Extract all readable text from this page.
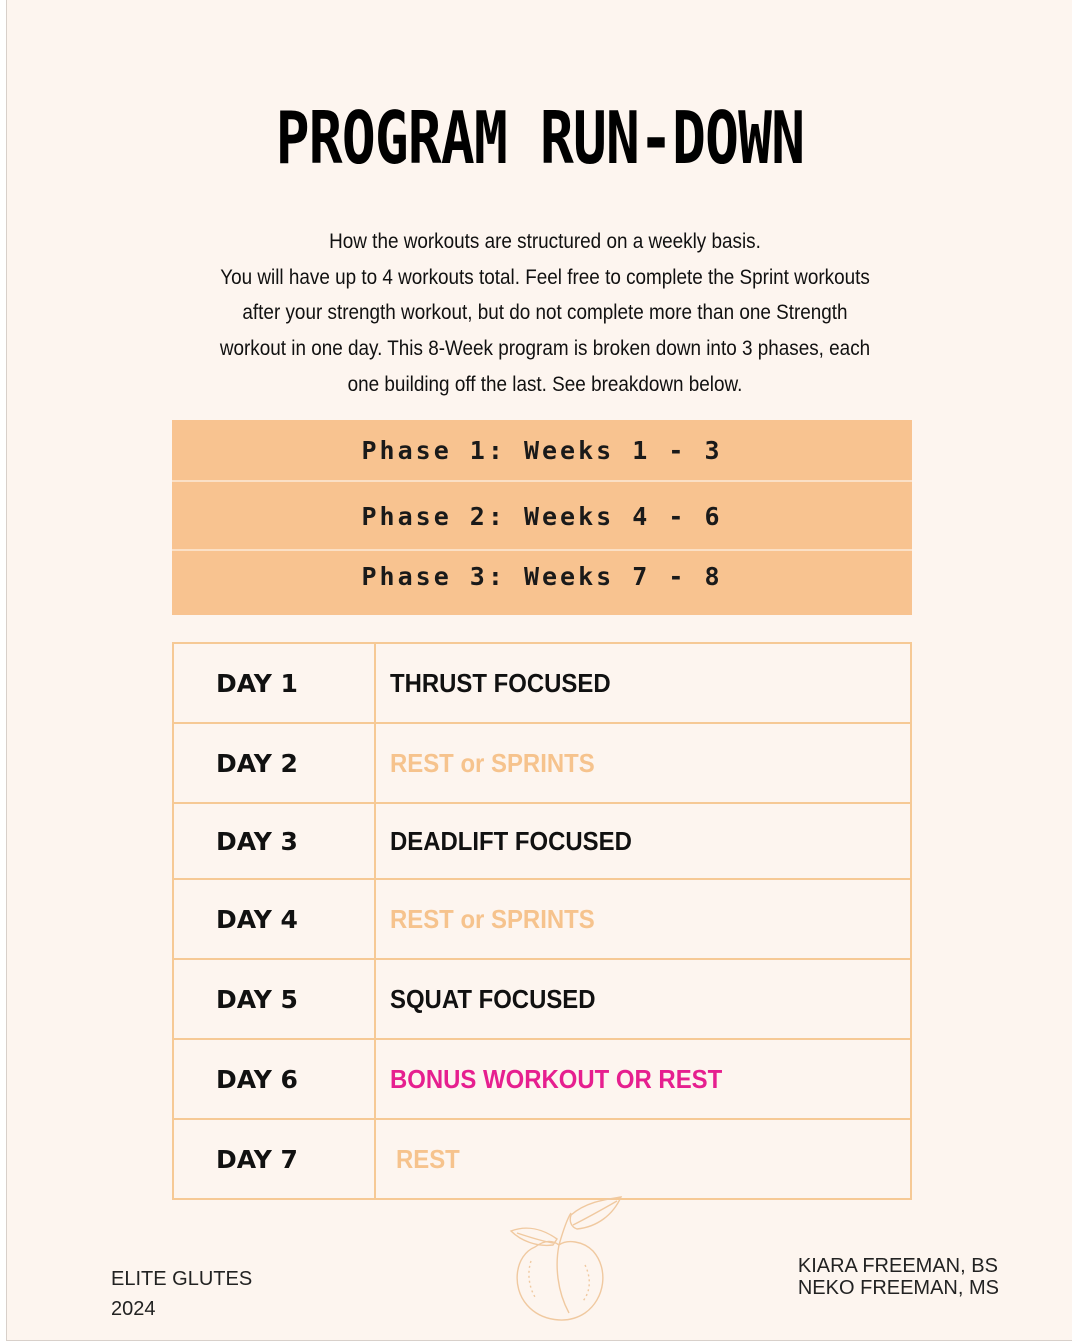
PROGRAM RUN-DOWN
How the workouts are structured on a weekly basis.
You will have up to 4 workouts total. Feel free to complete the Sprint workouts
after your strength workout, but do not complete more than one Strength
workout in one day. This 8-Week program is broken down into 3 phases, each
one building off the last. See breakdown below.
Phase 1: Weeks 1 - 3
Phase 2: Weeks 4 - 6
Phase 3: Weeks 7 - 8
DAY 1	THRUST FOCUSED
DAY 2	REST or SPRINTS
DAY 3	DEADLIFT FOCUSED
DAY 4	REST or SPRINTS
DAY 5	SQUAT FOCUSED
DAY 6	BONUS WORKOUT OR REST
DAY 7	REST
ELITE GLUTES
2024
KIARA FREEMAN, BS
NEKO FREEMAN, MS
